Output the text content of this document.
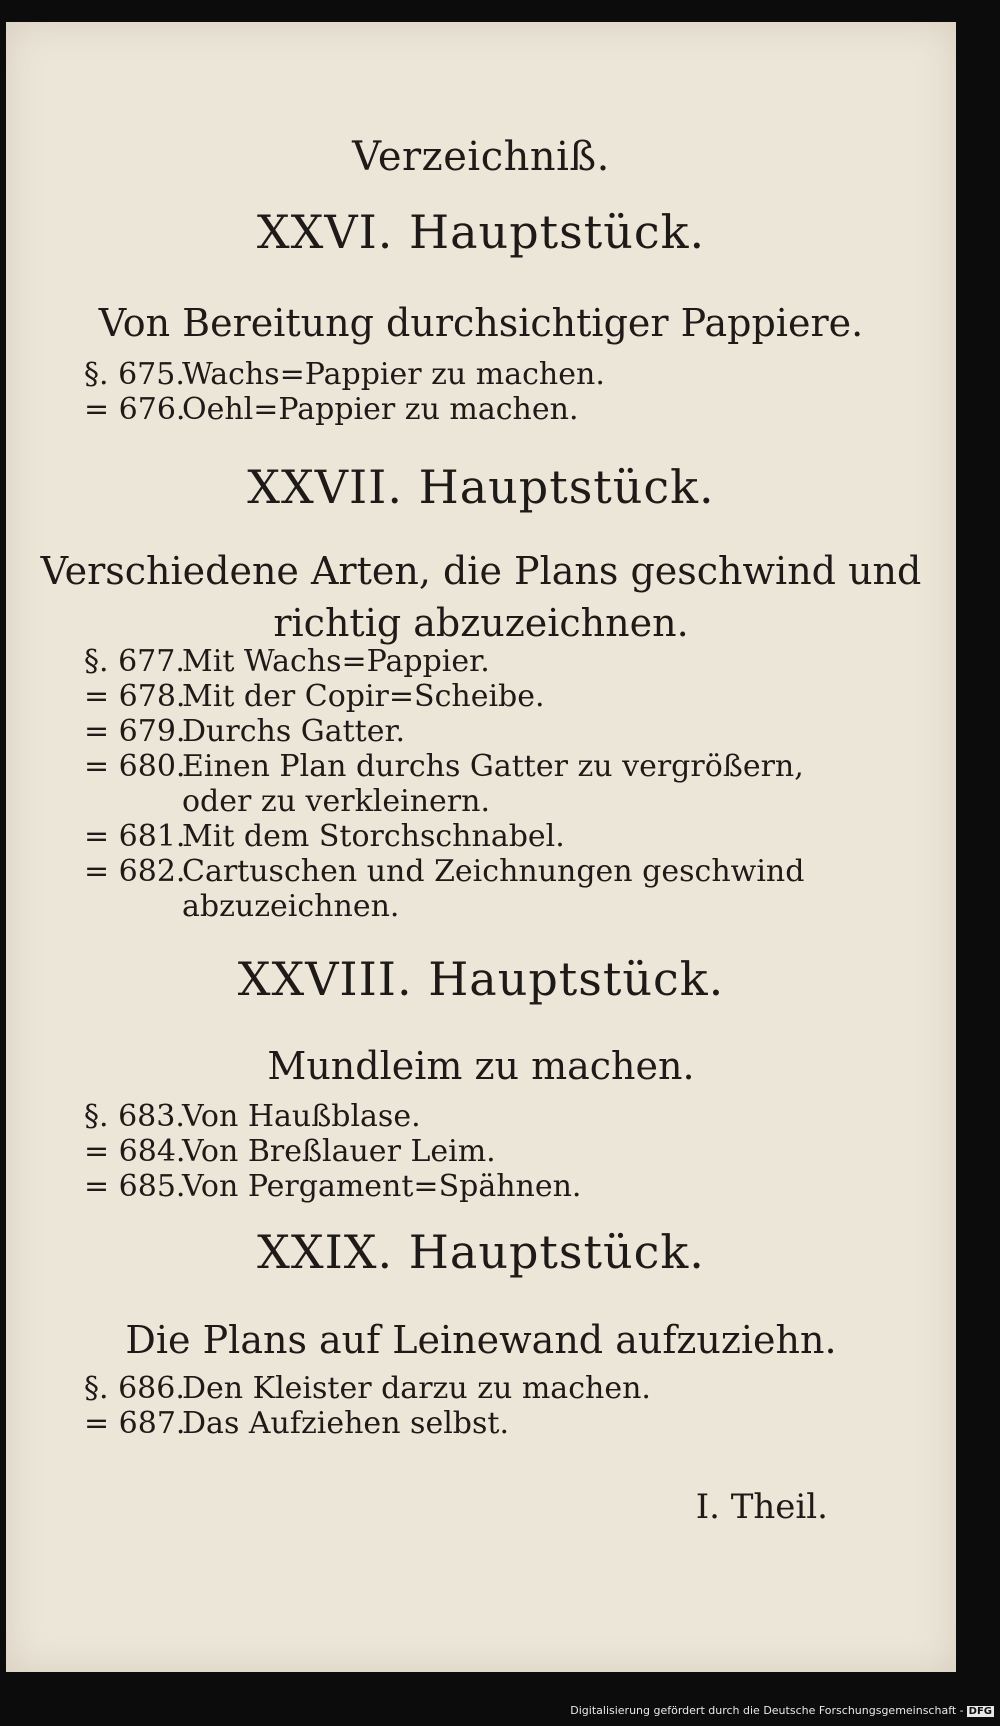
Verzeichniß.
XXVI. Hauptstück.
Von Bereitung durchsichtiger Pappiere.
§. 675.
Wachs=Pappier zu machen.
= 676.
Oehl=Pappier zu machen.
XXVII. Hauptstück.
Verschiedene Arten, die Plans geschwind und
richtig abzuzeichnen.
§. 677.
Mit Wachs=Pappier.
= 678.
Mit der Copir=Scheibe.
= 679.
Durchs Gatter.
= 680.
Einen Plan durchs Gatter zu vergrößern, oder zu verkleinern.
= 681.
Mit dem Storchschnabel.
= 682.
Cartuschen und Zeichnungen geschwind abzuzeichnen.
XXVIII. Hauptstück.
Mundleim zu machen.
§. 683.
Von Haußblase.
= 684.
Von Breßlauer Leim.
= 685.
Von Pergament=Spähnen.
XXIX. Hauptstück.
Die Plans auf Leinewand aufzuziehn.
§. 686.
Den Kleister darzu zu machen.
= 687.
Das Aufziehen selbst.
I. Theil.
Digitalisierung gefördert durch die Deutsche Forschungsgemeinschaft - DFG
